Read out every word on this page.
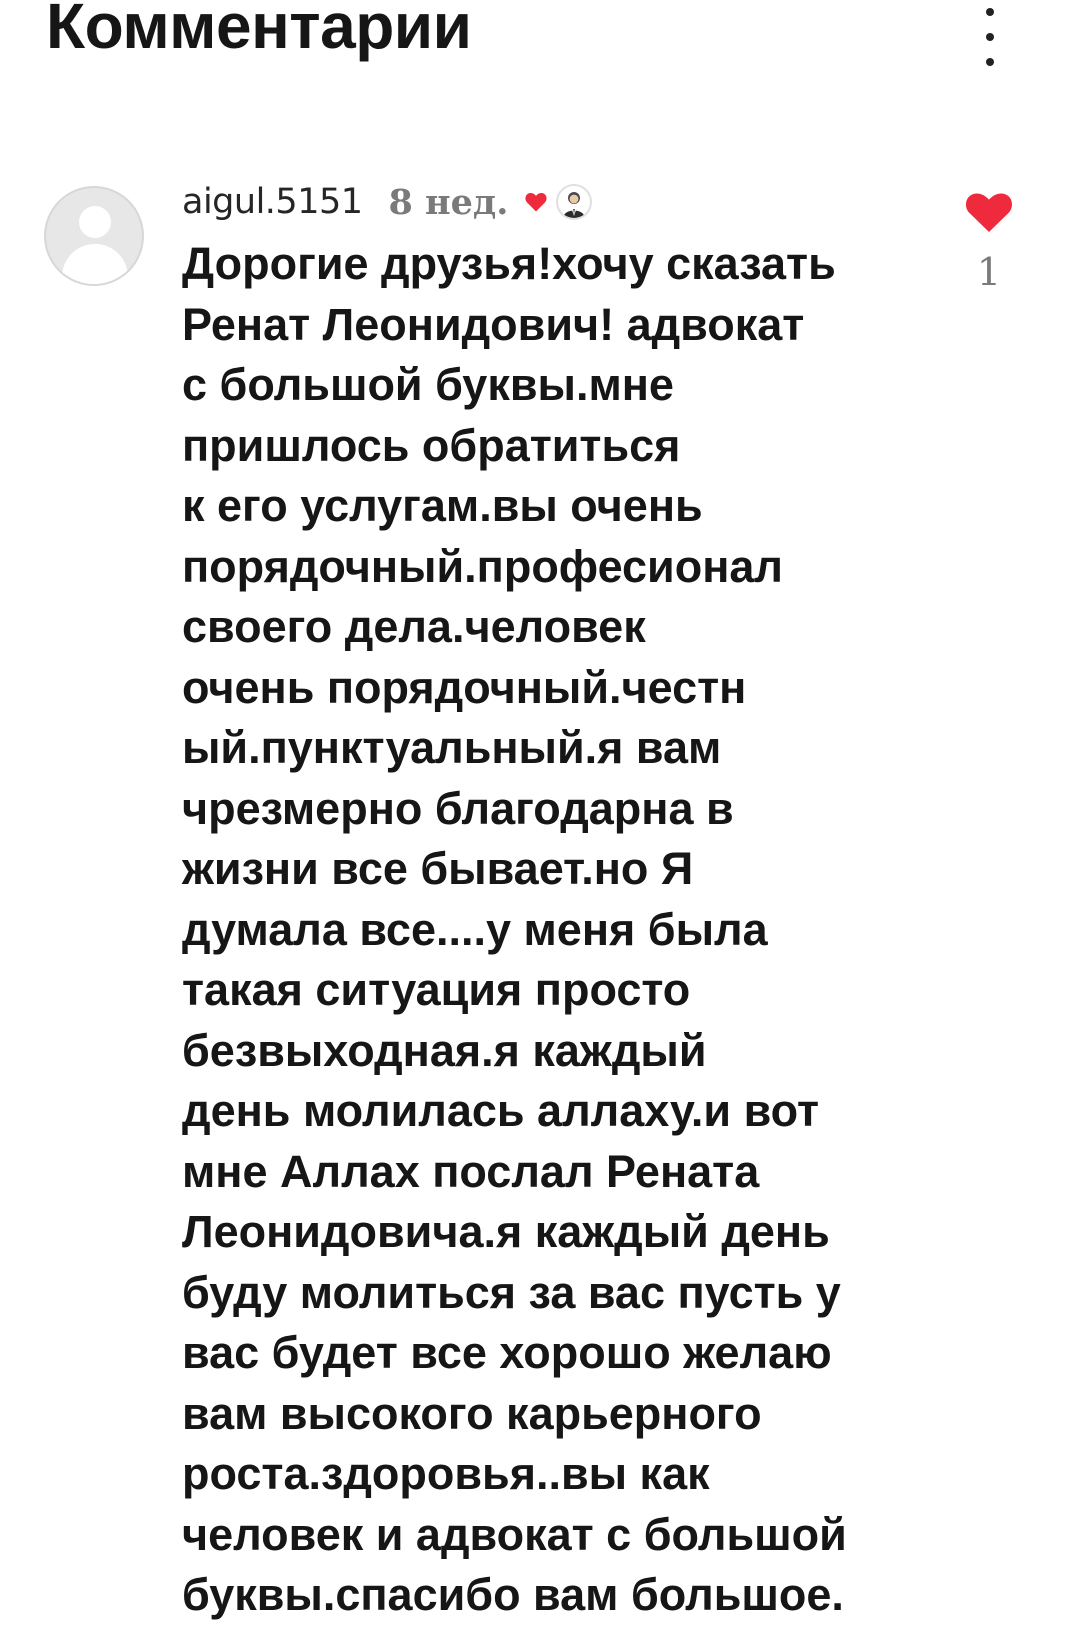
Комментарии
aigul.5151 8 нед.
Дорогие друзья!хочу сказать
Ренат Леонидович! адвокат
с большой буквы.мне
пришлось обратиться
к его услугам.вы очень
порядочный.професионал
своего дела.человек
очень порядочный.честн
ый.пунктуальный.я вам
чрезмерно благодарна в
жизни все бывает.но Я
думала все....у меня была
такая ситуация просто
безвыходная.я каждый
день молилась аллаху.и вот
мне Аллах послал Рената
Леонидовича.я каждый день
буду молиться за вас пусть у
вас будет все хорошо желаю
вам высокого карьерного
роста.здоровья..вы как
человек и адвокат с большой
буквы.спасибо вам большое.
1
